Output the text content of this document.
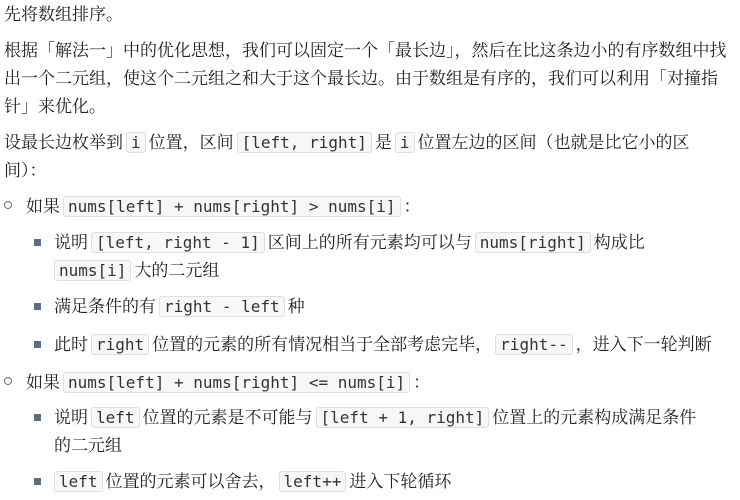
先将数组排序。
根据「解法一」中的优化思想，我们可以固定一个「最长边」，然后在比这条边小的有序数组中找
出一个二元组，使这个二元组之和大于这个最长边。由于数组是有序的，我们可以利用「对撞指
针」来优化。
设最长边枚举到 i 位置，区间 [left, right] 是 i 位置左边的区间（也就是比它小的区
间）：
如果 nums[left] + nums[right] > nums[i] ：
说明 [left, right - 1] 区间上的所有元素均可以与 nums[right] 构成比
nums[i] 大的二元组
满足条件的有 right - left 种
此时 right 位置的元素的所有情况相当于全部考虑完毕， right-- ，进入下一轮判断
如果 nums[left] + nums[right] <= nums[i] ：
说明 left 位置的元素是不可能与 [left + 1, right] 位置上的元素构成满足条件
的二元组
left 位置的元素可以舍去， left++ 进入下轮循环
